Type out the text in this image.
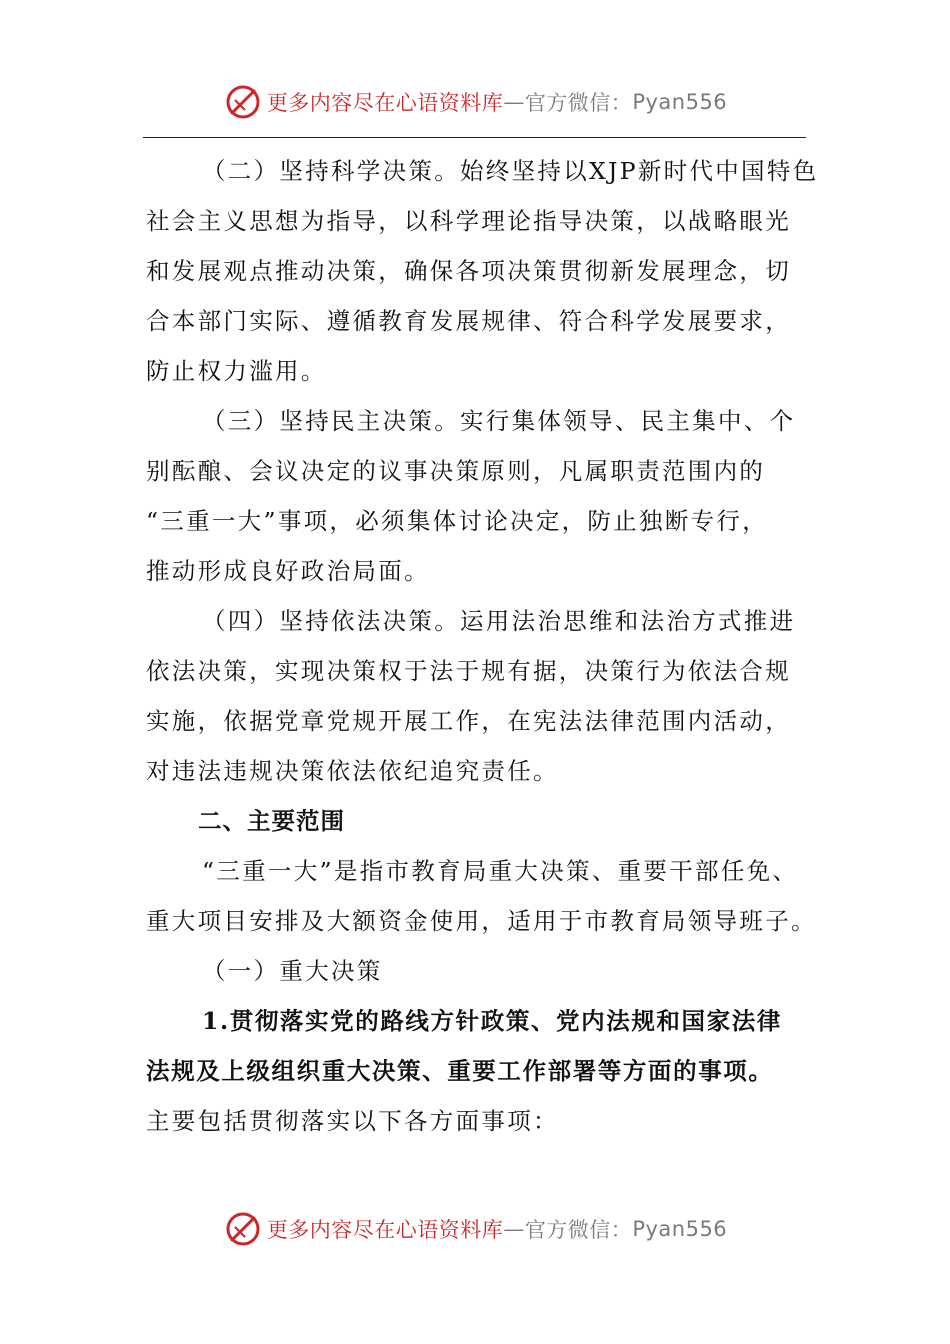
更多内容尽在心语资料库 — 官方微信： Pyan556

（二）坚持科学决策。始终坚持以XJP新时代中国特色
社会主义思想为指导，以科学理论指导决策，以战略眼光
和发展观点推动决策，确保各项决策贯彻新发展理念，切
合本部门实际、遵循教育发展规律、符合科学发展要求，
防止权力滥用。

（三）坚持民主决策。实行集体领导、民主集中、个
别酝酿、会议决定的议事决策原则，凡属职责范围内的
“三重一大”事项，必须集体讨论决定，防止独断专行，
推动形成良好政治局面。

（四）坚持依法决策。运用法治思维和法治方式推进
依法决策，实现决策权于法于规有据，决策行为依法合规
实施，依据党章党规开展工作，在宪法法律范围内活动，
对违法违规决策依法依纪追究责任。

二、主要范围

“三重一大”是指市教育局重大决策、重要干部任免、
重大项目安排及大额资金使用，适用于市教育局领导班子。

（一）重大决策

1.贯彻落实党的路线方针政策、党内法规和国家法律
法规及上级组织重大决策、重要工作部署等方面的事项。

主要包括贯彻落实以下各方面事项：

更多内容尽在心语资料库 — 官方微信： Pyan556
